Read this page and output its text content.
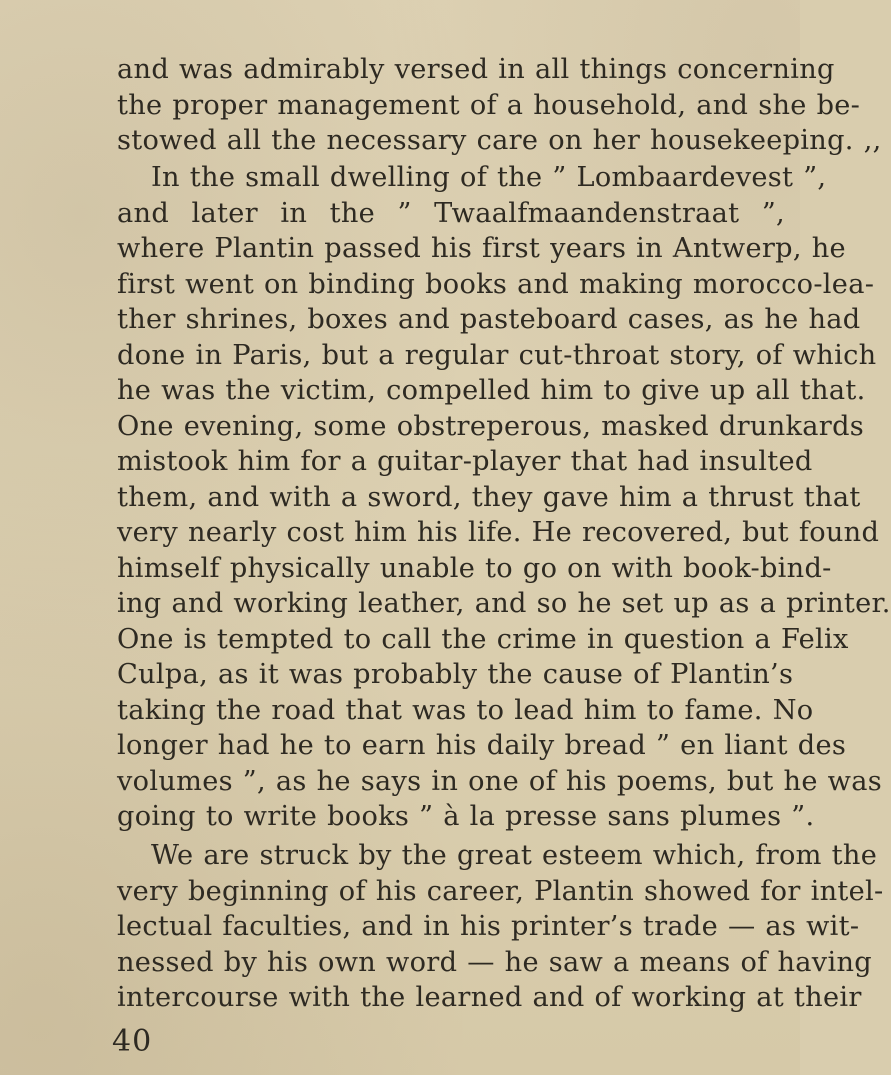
and was admirably versed in all things concerning
the proper management of a household, and she be-
stowed all the necessary care on her housekeeping. ,,
In the small dwelling of the ” Lombaardevest ”,
and later in the ” Twaalfmaandenstraat ”,
where Plantin passed his first years in Antwerp, he
first went on binding books and making morocco-lea-
ther shrines, boxes and pasteboard cases, as he had
done in Paris, but a regular cut-throat story, of which
he was the victim, compelled him to give up all that.
One evening, some obstreperous, masked drunkards
mistook him for a guitar-player that had insulted
them, and with a sword, they gave him a thrust that
very nearly cost him his life. He recovered, but found
himself physically unable to go on with book-bind-
ing and working leather, and so he set up as a printer.
One is tempted to call the crime in question a Felix
Culpa, as it was probably the cause of Plantin’s
taking the road that was to lead him to fame. No
longer had he to earn his daily bread ” en liant des
volumes ”, as he says in one of his poems, but he was
going to write books ” à la presse sans plumes ”.
We are struck by the great esteem which, from the
very beginning of his career, Plantin showed for intel-
lectual faculties, and in his printer’s trade — as wit-
nessed by his own word — he saw a means of having
intercourse with the learned and of working at their
40
